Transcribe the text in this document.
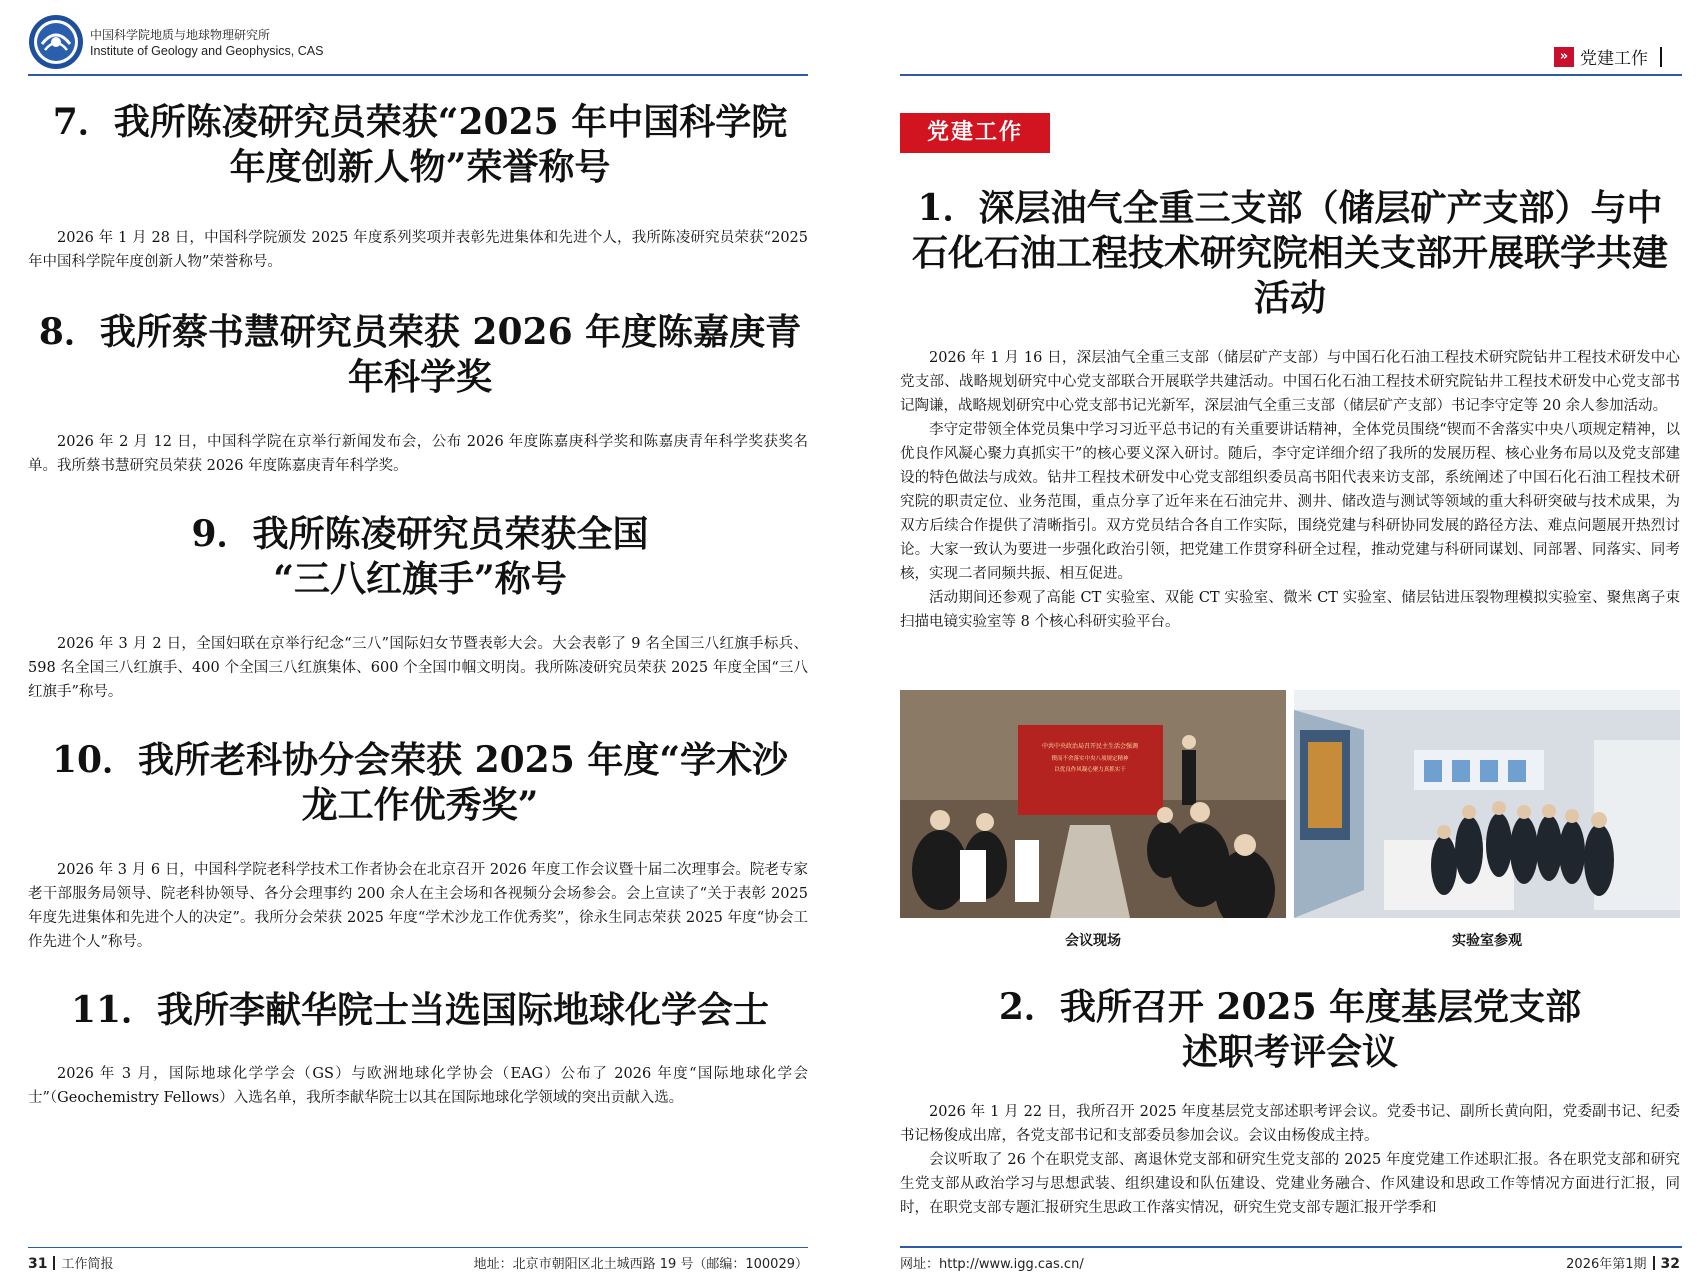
中国科学院地质与地球物理研究所
Institute of Geology and Geophysics, CAS
7．我所陈凌研究员荣获“2025 年中国科学院
年度创新人物”荣誉称号

2026 年 1 月 28 日，中国科学院颁发 2025 年度系列奖项并表彰先进集体和先进个人，我所陈凌研究员荣获“2025 年中国科学院年度创新人物”荣誉称号。

8．我所蔡书慧研究员荣获 2026 年度陈嘉庚青
年科学奖

2026 年 2 月 12 日，中国科学院在京举行新闻发布会，公布 2026 年度陈嘉庚科学奖和陈嘉庚青年科学奖获奖名单。我所蔡书慧研究员荣获 2026 年度陈嘉庚青年科学奖。

9．我所陈凌研究员荣获全国
“三八红旗手”称号

2026 年 3 月 2 日，全国妇联在京举行纪念“三八”国际妇女节暨表彰大会。大会表彰了 9 名全国三八红旗手标兵、598 名全国三八红旗手、400 个全国三八红旗集体、600 个全国巾帼文明岗。我所陈凌研究员荣获 2025 年度全国“三八红旗手”称号。

10．我所老科协分会荣获 2025 年度“学术沙
龙工作优秀奖”

2026 年 3 月 6 日，中国科学院老科学技术工作者协会在北京召开 2026 年度工作会议暨十届二次理事会。院老专家老干部服务局领导、院老科协领导、各分会理事约 200 余人在主会场和各视频分会场参会。会上宣读了“关于表彰 2025 年度先进集体和先进个人的决定”。我所分会荣获 2025 年度“学术沙龙工作优秀奖”，徐永生同志荣获 2025 年度“协会工作先进个人”称号。

11．我所李献华院士当选国际地球化学会士

2026 年 3 月，国际地球化学学会（GS）与欧洲地球化学协会（EAG）公布了 2026 年度“国际地球化学会士”（Geochemistry Fellows）入选名单，我所李献华院士以其在国际地球化学领域的突出贡献入选。

31 工作简报	地址：北京市朝阳区北土城西路 19 号（邮编：100029）
» 党建工作
党建工作
1．深层油气全重三支部（储层矿产支部）与中
石化石油工程技术研究院相关支部开展联学共建
活动

2026 年 1 月 16 日，深层油气全重三支部（储层矿产支部）与中国石化石油工程技术研究院钻井工程技术研发中心党支部、战略规划研究中心党支部联合开展联学共建活动。中国石化石油工程技术研究院钻井工程技术研发中心党支部书记陶谦，战略规划研究中心党支部书记光新军，深层油气全重三支部（储层矿产支部）书记李守定等 20 余人参加活动。

李守定带领全体党员集中学习习近平总书记的有关重要讲话精神，全体党员围绕“锲而不舍落实中央八项规定精神，以优良作风凝心聚力真抓实干”的核心要义深入研讨。随后，李守定详细介绍了我所的发展历程、核心业务布局以及党支部建设的特色做法与成效。钻井工程技术研发中心党支部组织委员高书阳代表来访支部，系统阐述了中国石化石油工程技术研究院的职责定位、业务范围，重点分享了近年来在石油完井、测井、储改造与测试等领域的重大科研突破与技术成果，为双方后续合作提供了清晰指引。双方党员结合各自工作实际，围绕党建与科研协同发展的路径方法、难点问题展开热烈讨论。大家一致认为要进一步强化政治引领，把党建工作贯穿科研全过程，推动党建与科研同谋划、同部署、同落实、同考核，实现二者同频共振、相互促进。

活动期间还参观了高能 CT 实验室、双能 CT 实验室、微米 CT 实验室、储层钻进压裂物理模拟实验室、聚焦离子束扫描电镜实验室等 8 个核心科研实验平台。

中共中央政治局召开民主生活会强调
锲而不舍落实中央八项规定精神
以优良作风凝心聚力真抓实干
会议现场	实验室参观
2．我所召开 2025 年度基层党支部
述职考评会议

2026 年 1 月 22 日，我所召开 2025 年度基层党支部述职考评会议。党委书记、副所长黄向阳，党委副书记、纪委书记杨俊成出席，各党支部书记和支部委员参加会议。会议由杨俊成主持。

会议听取了 26 个在职党支部、离退休党支部和研究生党支部的 2025 年度党建工作述职汇报。各在职党支部和研究生党支部从政治学习与思想武装、组织建设和队伍建设、党建业务融合、作风建设和思政工作等情况方面进行汇报，同时，在职党支部专题汇报研究生思政工作落实情况，研究生党支部专题汇报开学季和

网址：http://www.igg.cas.cn/	2026年第1期 32
